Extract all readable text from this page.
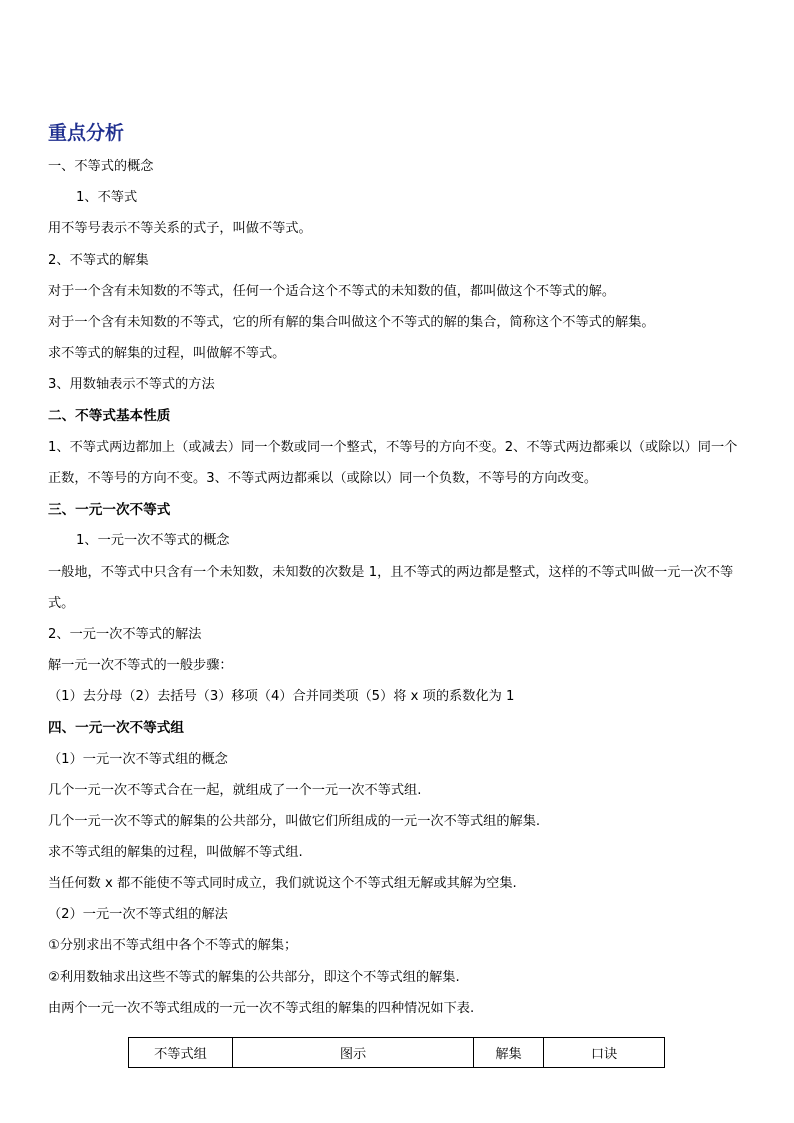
重点分析
一、不等式的概念
1、不等式
用不等号表示不等关系的式子，叫做不等式。
2、不等式的解集
对于一个含有未知数的不等式，任何一个适合这个不等式的未知数的值，都叫做这个不等式的解。
对于一个含有未知数的不等式，它的所有解的集合叫做这个不等式的解的集合，简称这个不等式的解集。
求不等式的解集的过程，叫做解不等式。
3、用数轴表示不等式的方法
二、不等式基本性质
1、不等式两边都加上（或减去）同一个数或同一个整式，不等号的方向不变。2、不等式两边都乘以（或除以）同一个正数，不等号的方向不变。3、不等式两边都乘以（或除以）同一个负数，不等号的方向改变。
三、一元一次不等式
1、一元一次不等式的概念
一般地，不等式中只含有一个未知数，未知数的次数是 1，且不等式的两边都是整式，这样的不等式叫做一元一次不等式。
2、一元一次不等式的解法
解一元一次不等式的一般步骤：
（1）去分母（2）去括号（3）移项（4）合并同类项（5）将 x 项的系数化为 1
四、一元一次不等式组
（1）一元一次不等式组的概念
几个一元一次不等式合在一起，就组成了一个一元一次不等式组.
几个一元一次不等式的解集的公共部分，叫做它们所组成的一元一次不等式组的解集.
求不等式组的解集的过程，叫做解不等式组.
当任何数 x 都不能使不等式同时成立，我们就说这个不等式组无解或其解为空集.
（2）一元一次不等式组的解法
①分别求出不等式组中各个不等式的解集；
②利用数轴求出这些不等式的解集的公共部分，即这个不等式组的解集.
由两个一元一次不等式组成的一元一次不等式组的解集的四种情况如下表.
不等式组	图示	解集	口诀
